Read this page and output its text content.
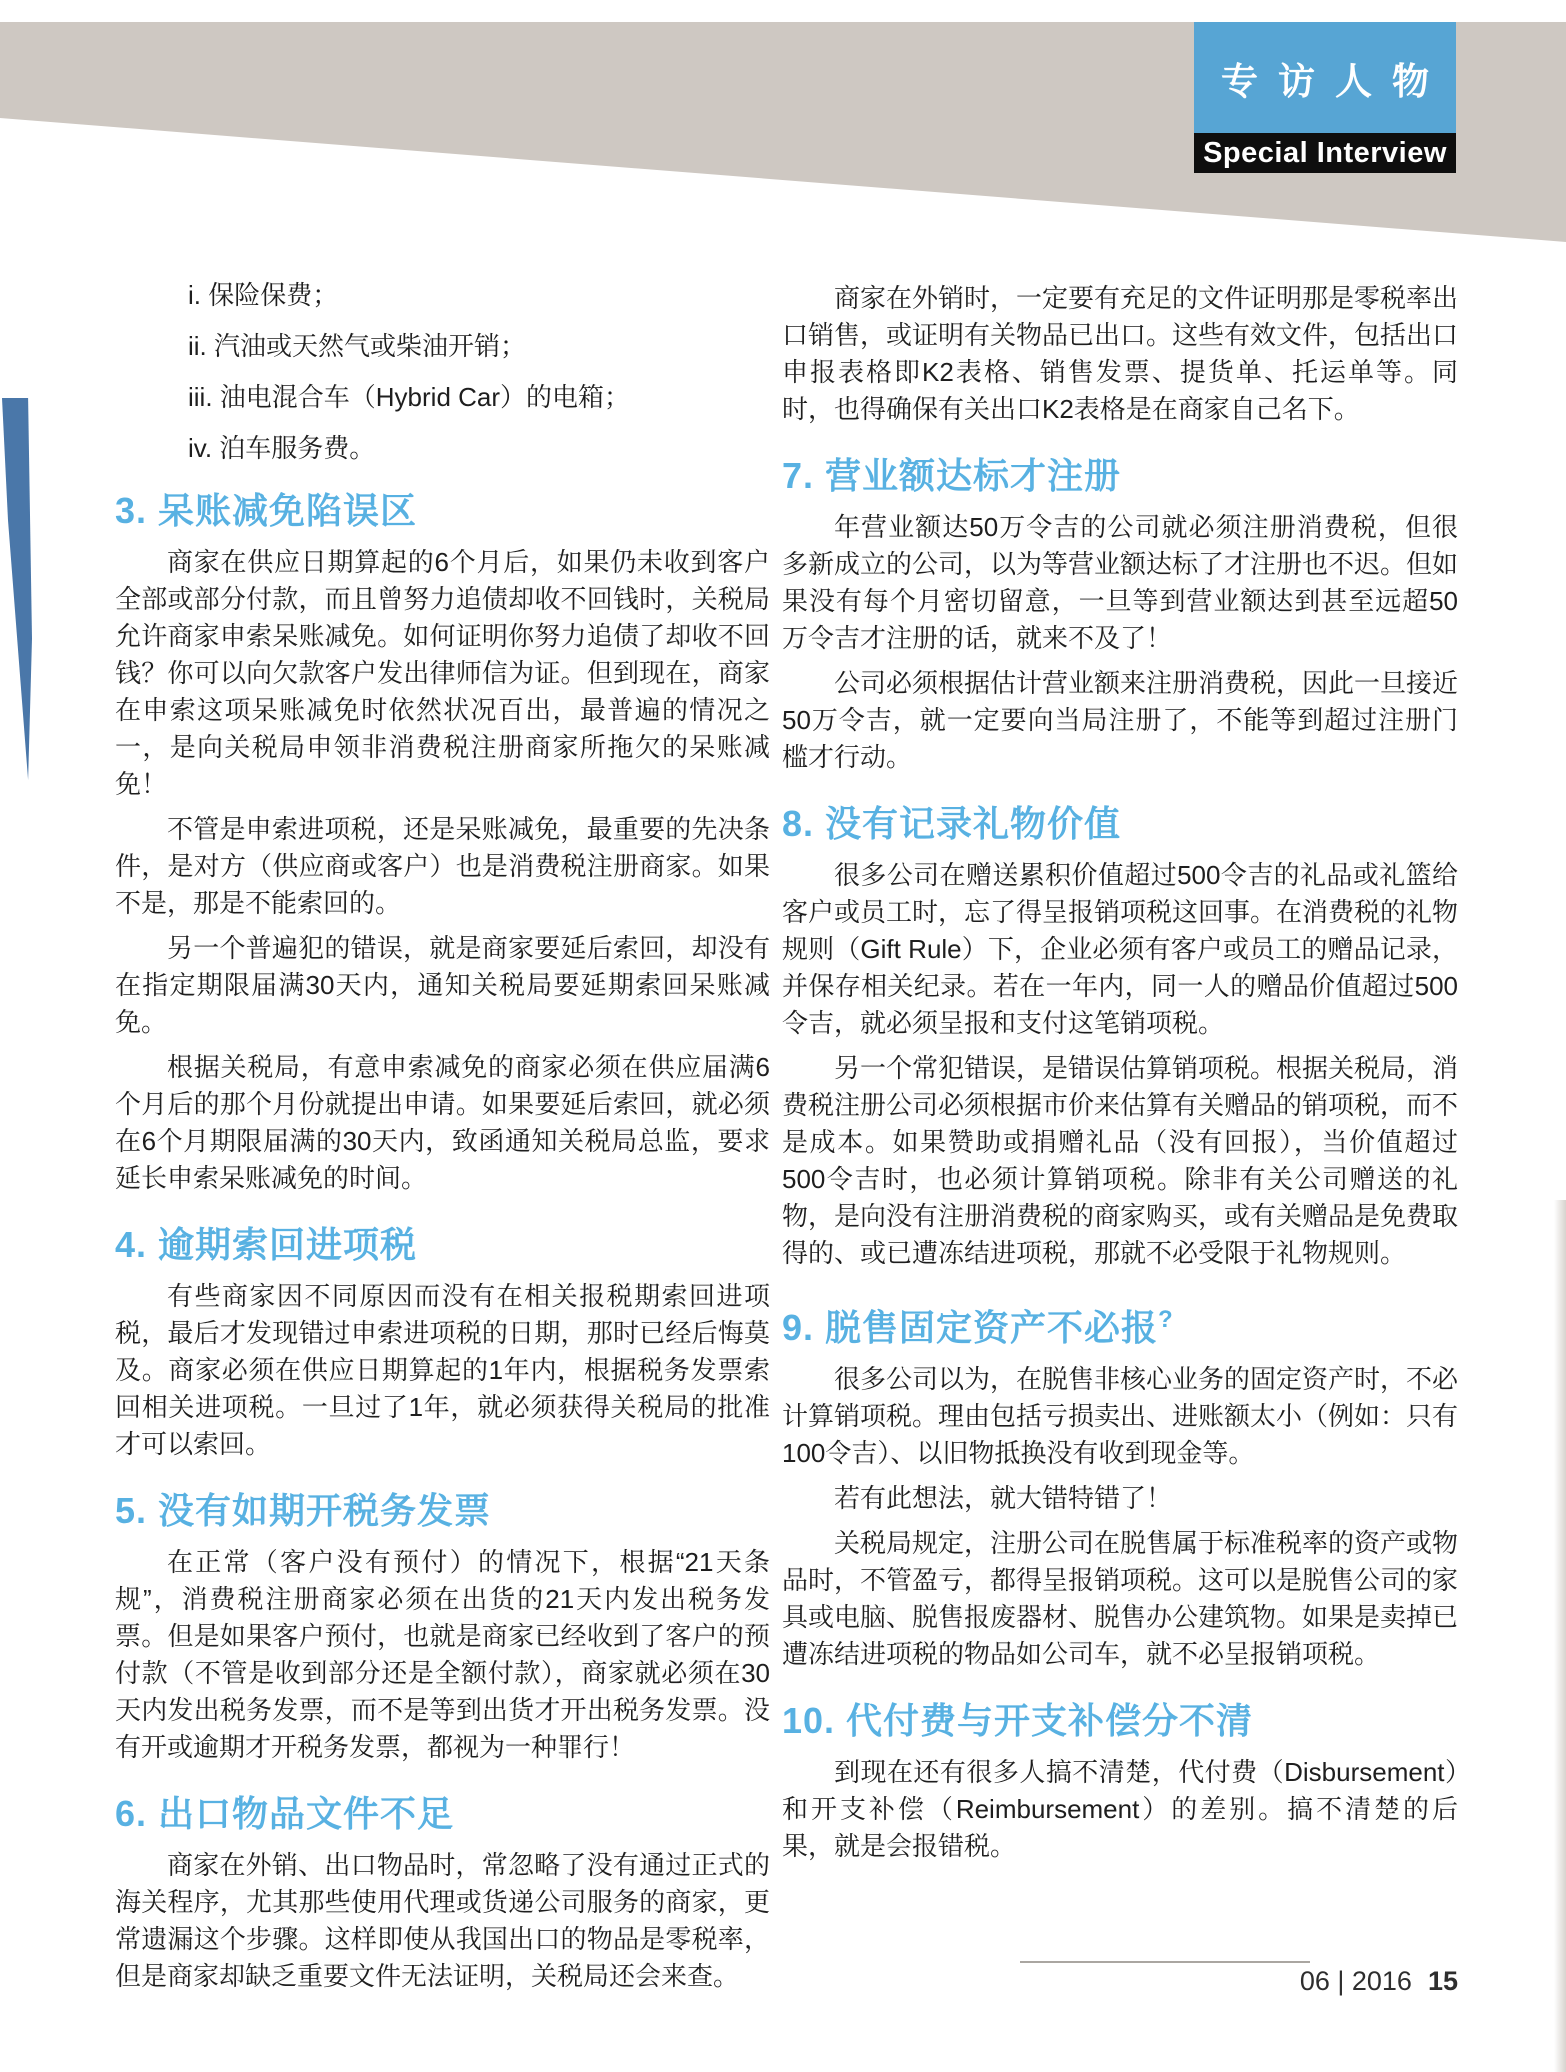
专访人物
Special Interview
i. 保险保费；
ii. 汽油或天然气或柴油开销；
iii. 油电混合车（Hybrid Car）的电箱；
iv. 泊车服务费。
3. 呆账减免陷误区

商家在供应日期算起的6个月后，如果仍未收到客户全部或部分付款，而且曾努力追债却收不回钱时，关税局允许商家申索呆账减免。如何证明你努力追债了却收不回钱？你可以向欠款客户发出律师信为证。但到现在，商家在申索这项呆账减免时依然状况百出，最普遍的情况之一，是向关税局申领非消费税注册商家所拖欠的呆账减免！

不管是申索进项税，还是呆账减免，最重要的先决条件，是对方（供应商或客户）也是消费税注册商家。如果不是，那是不能索回的。

另一个普遍犯的错误，就是商家要延后索回，却没有在指定期限届满30天内，通知关税局要延期索回呆账减免。

根据关税局，有意申索减免的商家必须在供应届满6个月后的那个月份就提出申请。如果要延后索回，就必须在6个月期限届满的30天内，致函通知关税局总监，要求延长申索呆账减免的时间。

4. 逾期索回进项税

有些商家因不同原因而没有在相关报税期索回进项税，最后才发现错过申索进项税的日期，那时已经后悔莫及。商家必须在供应日期算起的1年内，根据税务发票索回相关进项税。一旦过了1年，就必须获得关税局的批准才可以索回。

5. 没有如期开税务发票

在正常（客户没有预付）的情况下，根据“21天条规”，消费税注册商家必须在出货的21天内发出税务发票。但是如果客户预付，也就是商家已经收到了客户的预付款（不管是收到部分还是全额付款），商家就必须在30天内发出税务发票，而不是等到出货才开出税务发票。没有开或逾期才开税务发票，都视为一种罪行！

6. 出口物品文件不足

商家在外销、出口物品时，常忽略了没有通过正式的海关程序，尤其那些使用代理或货递公司服务的商家，更常遗漏这个步骤。这样即使从我国出口的物品是零税率，但是商家却缺乏重要文件无法证明，关税局还会来查。

商家在外销时，一定要有充足的文件证明那是零税率出口销售，或证明有关物品已出口。这些有效文件，包括出口申报表格即K2表格、销售发票、提货单、托运单等。同时，也得确保有关出口K2表格是在商家自己名下。

7. 营业额达标才注册

年营业额达50万令吉的公司就必须注册消费税，但很多新成立的公司，以为等营业额达标了才注册也不迟。但如果没有每个月密切留意，一旦等到营业额达到甚至远超50万令吉才注册的话，就来不及了！

公司必须根据估计营业额来注册消费税，因此一旦接近50万令吉，就一定要向当局注册了，不能等到超过注册门槛才行动。

8. 没有记录礼物价值

很多公司在赠送累积价值超过500令吉的礼品或礼篮给客户或员工时，忘了得呈报销项税这回事。在消费税的礼物规则（Gift Rule）下，企业必须有客户或员工的赠品记录，并保存相关纪录。若在一年内，同一人的赠品价值超过500令吉，就必须呈报和支付这笔销项税。

另一个常犯错误，是错误估算销项税。根据关税局，消费税注册公司必须根据市价来估算有关赠品的销项税，而不是成本。如果赞助或捐赠礼品（没有回报），当价值超过500令吉时，也必须计算销项税。除非有关公司赠送的礼物，是向没有注册消费税的商家购买，或有关赠品是免费取得的、或已遭冻结进项税，那就不必受限于礼物规则。

9. 脱售固定资产不必报?

很多公司以为，在脱售非核心业务的固定资产时，不必计算销项税。理由包括亏损卖出、进账额太小（例如：只有100令吉）、以旧物抵换没有收到现金等。

若有此想法，就大错特错了！

关税局规定，注册公司在脱售属于标准税率的资产或物品时，不管盈亏，都得呈报销项税。这可以是脱售公司的家具或电脑、脱售报废器材、脱售办公建筑物。如果是卖掉已遭冻结进项税的物品如公司车，就不必呈报销项税。

10. 代付费与开支补偿分不清

到现在还有很多人搞不清楚，代付费（Disbursement）和开支补偿（Reimbursement）的差别。搞不清楚的后果，就是会报错税。

06 | 2016 15
